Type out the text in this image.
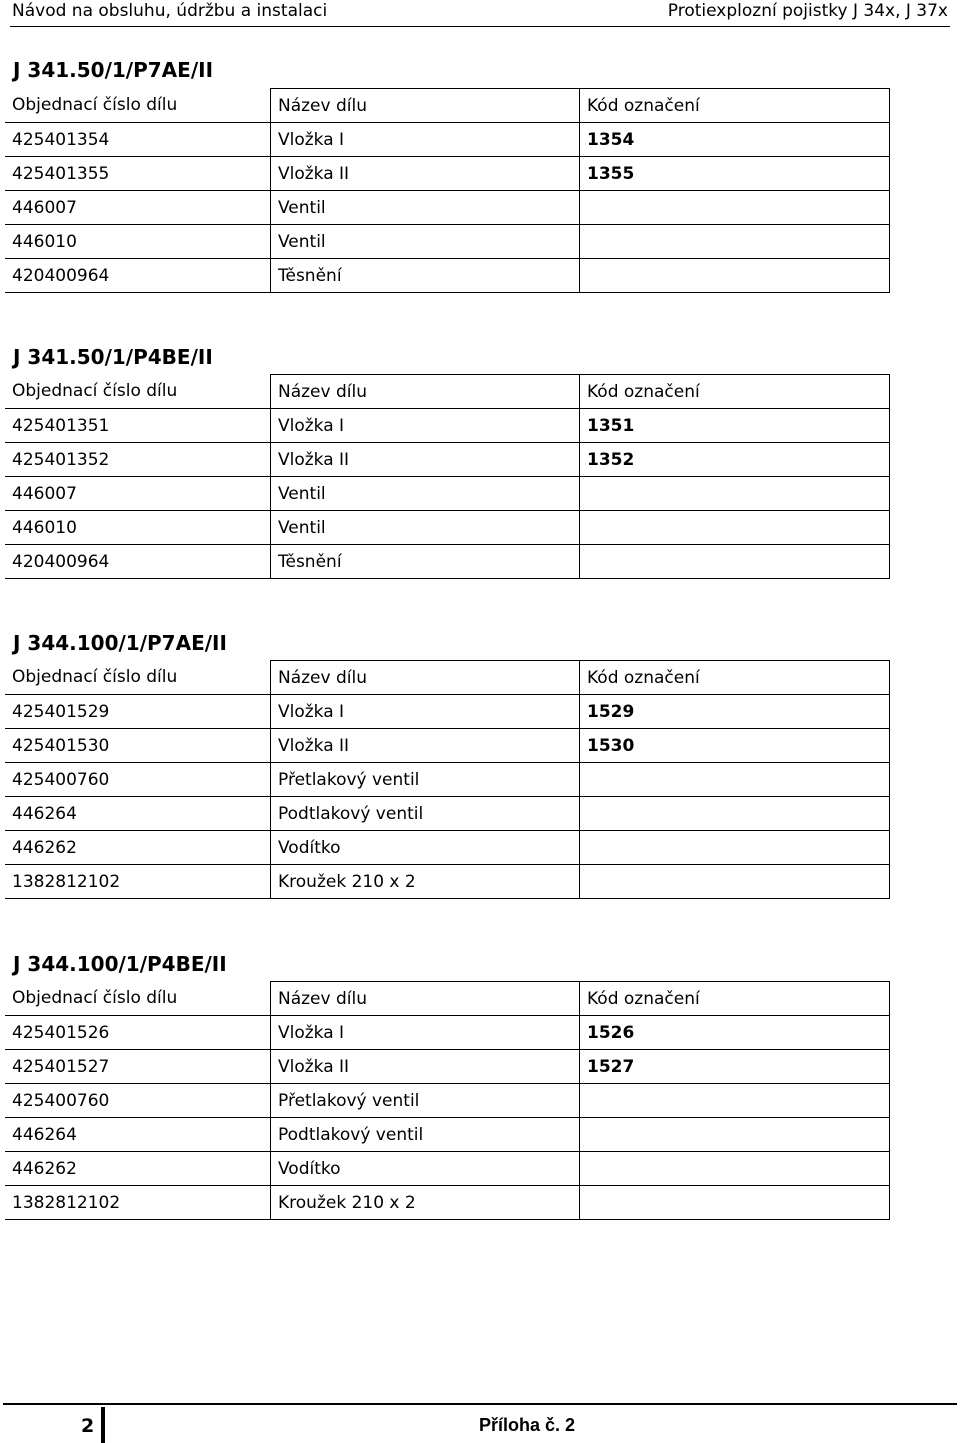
Návod na obsluhu, údržbu a instalaci	Protiexplozní pojistky J 34x, J 37x
J 341.50/1/P7AE/II
Objednací číslo dílu	Název dílu	Kód označení
425401354	Vložka I	1354
425401355	Vložka II	1355
446007	Ventil	
446010	Ventil	
420400964	Těsnění	
J 341.50/1/P4BE/II
Objednací číslo dílu	Název dílu	Kód označení
425401351	Vložka I	1351
425401352	Vložka II	1352
446007	Ventil	
446010	Ventil	
420400964	Těsnění	
J 344.100/1/P7AE/II
Objednací číslo dílu	Název dílu	Kód označení
425401529	Vložka I	1529
425401530	Vložka II	1530
425400760	Přetlakový ventil	
446264	Podtlakový ventil	
446262	Vodítko	
1382812102	Kroužek 210 x 2	
J 344.100/1/P4BE/II
Objednací číslo dílu	Název dílu	Kód označení
425401526	Vložka I	1526
425401527	Vložka II	1527
425400760	Přetlakový ventil	
446264	Podtlakový ventil	
446262	Vodítko	
1382812102	Kroužek 210 x 2	
2	Příloha č. 2
